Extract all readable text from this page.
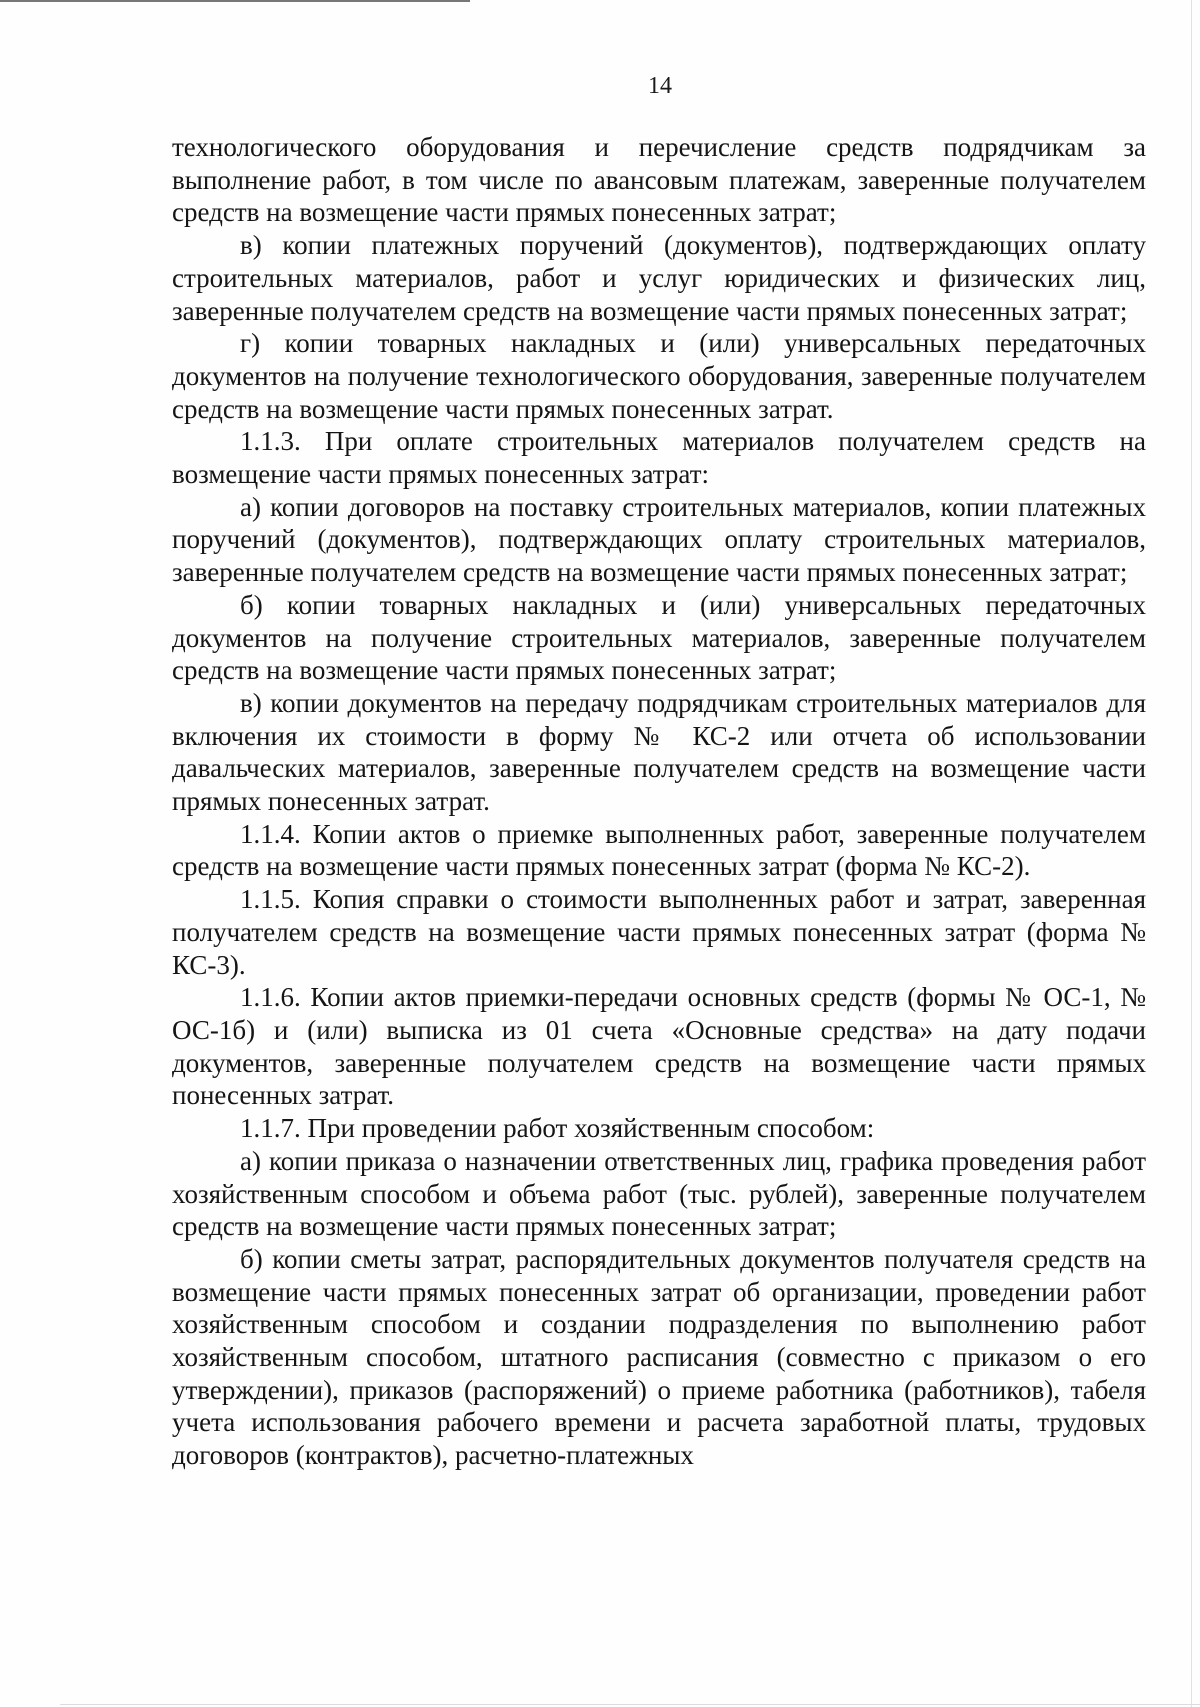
14

технологического оборудования и перечисление средств подрядчикам за выполнение работ, в том числе по авансовым платежам, заверенные получателем средств на возмещение части прямых понесенных затрат;

в) копии платежных поручений (документов), подтверждающих оплату строительных материалов, работ и услуг юридических и физических лиц, заверенные получателем средств на возмещение части прямых понесенных затрат;

г) копии товарных накладных и (или) универсальных передаточных документов на получение технологического оборудования, заверенные получателем средств на возмещение части прямых понесенных затрат.

1.1.3. При оплате строительных материалов получателем средств на возмещение части прямых понесенных затрат:

а) копии договоров на поставку строительных материалов, копии платежных поручений (документов), подтверждающих оплату строительных материалов, заверенные получателем средств на возмещение части прямых понесенных затрат;

б) копии товарных накладных и (или) универсальных передаточных документов на получение строительных материалов, заверенные получателем средств на возмещение части прямых понесенных затрат;

в) копии документов на передачу подрядчикам строительных материалов для включения их стоимости в форму № КС-2 или отчета об использовании давальческих материалов, заверенные получателем средств на возмещение части прямых понесенных затрат.

1.1.4. Копии актов о приемке выполненных работ, заверенные получателем средств на возмещение части прямых понесенных затрат (форма № КС-2).

1.1.5. Копия справки о стоимости выполненных работ и затрат, заверенная получателем средств на возмещение части прямых понесенных затрат (форма № КС-3).

1.1.6. Копии актов приемки-передачи основных средств (формы № ОС-1, № ОС-1б) и (или) выписка из 01 счета «Основные средства» на дату подачи документов, заверенные получателем средств на возмещение части прямых понесенных затрат.

1.1.7. При проведении работ хозяйственным способом:

а) копии приказа о назначении ответственных лиц, графика проведения работ хозяйственным способом и объема работ (тыс. рублей), заверенные получателем средств на возмещение части прямых понесенных затрат;

б) копии сметы затрат, распорядительных документов получателя средств на возмещение части прямых понесенных затрат об организации, проведении работ хозяйственным способом и создании подразделения по выполнению работ хозяйственным способом, штатного расписания (совместно с приказом о его утверждении), приказов (распоряжений) о приеме работника (работников), табеля учета использования рабочего времени и расчета заработной платы, трудовых договоров (контрактов), расчетно-платежных
